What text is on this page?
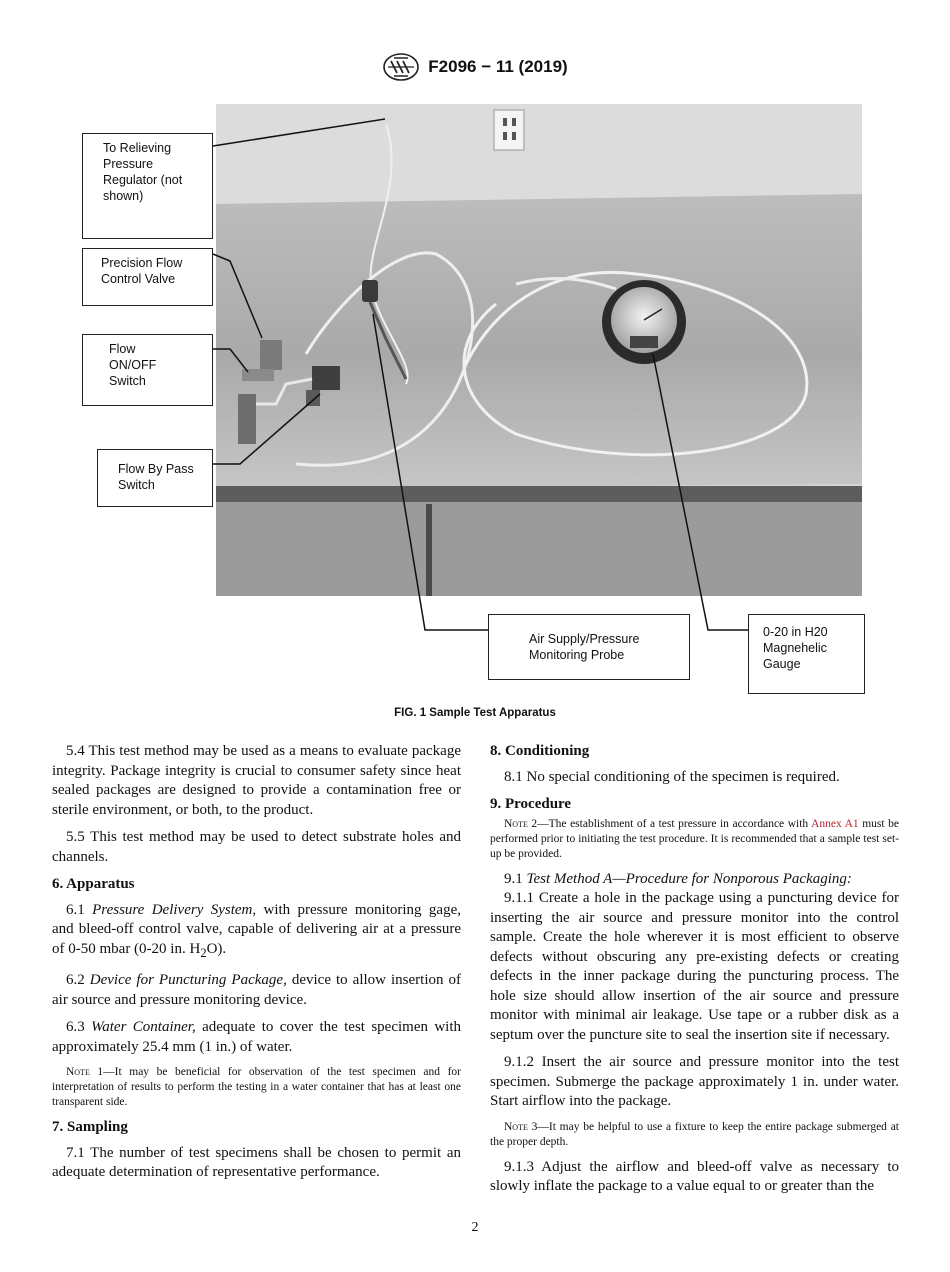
F2096 − 11 (2019)
To Relieving
Pressure
Regulator (not
shown)
Precision Flow
Control Valve
Flow
ON/OFF
Switch
Flow By Pass
Switch
Air Supply/Pressure
Monitoring Probe
0-20 in H20
Magnehelic
Gauge
FIG. 1 Sample Test Apparatus

5.4 This test method may be used as a means to evaluate package integrity. Package integrity is crucial to consumer safety since heat sealed packages are designed to provide a contamination free or sterile environment, or both, to the product.

5.5 This test method may be used to detect substrate holes and channels.

6. Apparatus

6.1 Pressure Delivery System, with pressure monitoring gage, and bleed-off control valve, capable of delivering air at a pressure of 0-50 mbar (0-20 in. $H_2O$).

6.2 Device for Puncturing Package, device to allow insertion of air source and pressure monitoring device.

6.3 Water Container, adequate to cover the test specimen with approximately 25.4 mm (1 in.) of water.

Note 1—It may be beneficial for observation of the test specimen and for interpretation of results to perform the testing in a water container that has at least one transparent side.

7. Sampling

7.1 The number of test specimens shall be chosen to permit an adequate determination of representative performance.

8. Conditioning

8.1 No special conditioning of the specimen is required.

9. Procedure

Note 2—The establishment of a test pressure in accordance with Annex A1 must be performed prior to initiating the test procedure. It is recommended that a sample test set-up be provided.

9.1 Test Method A—Procedure for Nonporous Packaging:

9.1.1 Create a hole in the package using a puncturing device for inserting the air source and pressure monitor into the control sample. Create the hole wherever it is most efficient to observe defects without obscuring any pre-existing defects or creating defects in the inner package during the puncturing process. The hole size should allow insertion of the air source and pressure monitor with minimal air leakage. Use tape or a rubber disk as a septum over the puncture site to seal the insertion site if necessary.

9.1.2 Insert the air source and pressure monitor into the test specimen. Submerge the package approximately 1 in. under water. Start airflow into the package.

Note 3—It may be helpful to use a fixture to keep the entire package submerged at the proper depth.

9.1.3 Adjust the airflow and bleed-off valve as necessary to slowly inflate the package to a value equal to or greater than the

2
